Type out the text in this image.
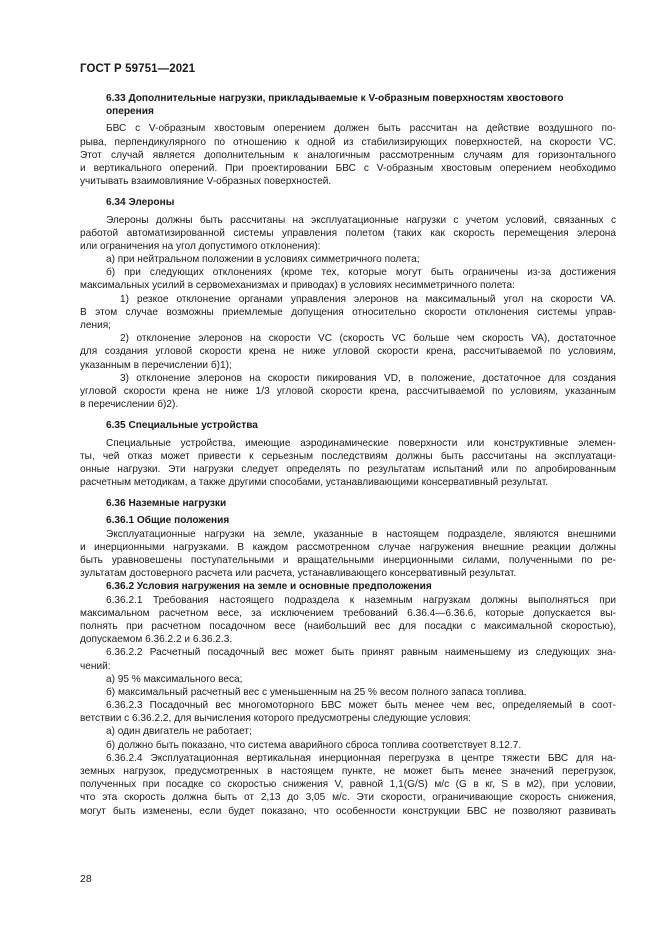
ГОСТ Р 59751—2021
6.33 Дополнительные нагрузки, прикладываемые к V-образным поверхностям хвостового
оперения
БВС с V-образным хвостовым оперением должен быть рассчитан на действие воздушного по-
рыва, перпендикулярного по отношению к одной из стабилизирующих поверхностей, на скорости VC.
Этот случай является дополнительным к аналогичным рассмотренным случаям для горизонтального
и вертикального оперений. При проектировании БВС с V-образным хвостовым оперением необходимо
учитывать взаимовлияние V-образных поверхностей.
6.34 Элероны
Элероны должны быть рассчитаны на эксплуатационные нагрузки с учетом условий, связанных с
работой автоматизированной системы управления полетом (таких как скорость перемещения элерона
или ограничения на угол допустимого отклонения):
а) при нейтральном положении в условиях симметричного полета;
б) при следующих отклонениях (кроме тех, которые могут быть ограничены из-за достижения
максимальных усилий в сервомеханизмах и приводах) в условиях несимметричного полета:
1) резкое отклонение органами управления элеронов на максимальный угол на скорости VA.
В этом случае возможны приемлемые допущения относительно скорости отклонения системы управ-
ления;
2) отклонение элеронов на скорости VC (скорость VC больше чем скорость VA), достаточное
для создания угловой скорости крена не ниже угловой скорости крена, рассчитываемой по условиям,
указанным в перечислении б)1);
3) отклонение элеронов на скорости пикирования VD, в положение, достаточное для создания
угловой скорости крена не ниже 1/3 угловой скорости крена, рассчитываемой по условиям, указанным
в перечислении б)2).
6.35 Специальные устройства
Специальные устройства, имеющие аэродинамические поверхности или конструктивные элемен-
ты, чей отказ может привести к серьезным последствиям должны быть рассчитаны на эксплуатаци-
онные нагрузки. Эти нагрузки следует определять по результатам испытаний или по апробированным
расчетным методикам, а также другими способами, устанавливающими консервативный результат.
6.36 Наземные нагрузки
6.36.1 Общие положения
Эксплуатационные нагрузки на земле, указанные в настоящем подразделе, являются внешними
и инерционными нагрузками. В каждом рассмотренном случае нагружения внешние реакции должны
быть уравновешены поступательными и вращательными инерционными силами, полученными по ре-
зультатам достоверного расчета или расчета, устанавливающего консервативный результат.
6.36.2 Условия нагружения на земле и основные предположения
6.36.2.1 Требования настоящего подраздела к наземным нагрузкам должны выполняться при
максимальном расчетном весе, за исключением требований 6.36.4—6.36.6, которые допускается вы-
полнять при расчетном посадочном весе (наибольший вес для посадки с максимальной скоростью),
допускаемом 6.36.2.2 и 6.36.2.3.
6.36.2.2 Расчетный посадочный вес может быть принят равным наименьшему из следующих зна-
чений:
а) 95 % максимального веса;
б) максимальный расчетный вес с уменьшенным на 25 % весом полного запаса топлива.
6.36.2.3 Посадочный вес многомоторного БВС может быть менее чем вес, определяемый в соот-
ветствии с 6.36.2.2, для вычисления которого предусмотрены следующие условия:
а) один двигатель не работает;
б) должно быть показано, что система аварийного сброса топлива соответствует 8.12.7.
6.36.2.4 Эксплуатационная вертикальная инерционная перегрузка в центре тяжести БВС для на-
земных нагрузок, предусмотренных в настоящем пункте, не может быть менее значений перегрузок,
полученных при посадке со скоростью снижения V, равной 1,1(G/S) м/с (G в кг, S в м2), при условии,
что эта скорость должна быть от 2,13 до 3,05 м/с. Эти скорости, ограничивающие скорость снижения,
могут быть изменены, если будет показано, что особенности конструкции БВС не позволяют развивать
28
